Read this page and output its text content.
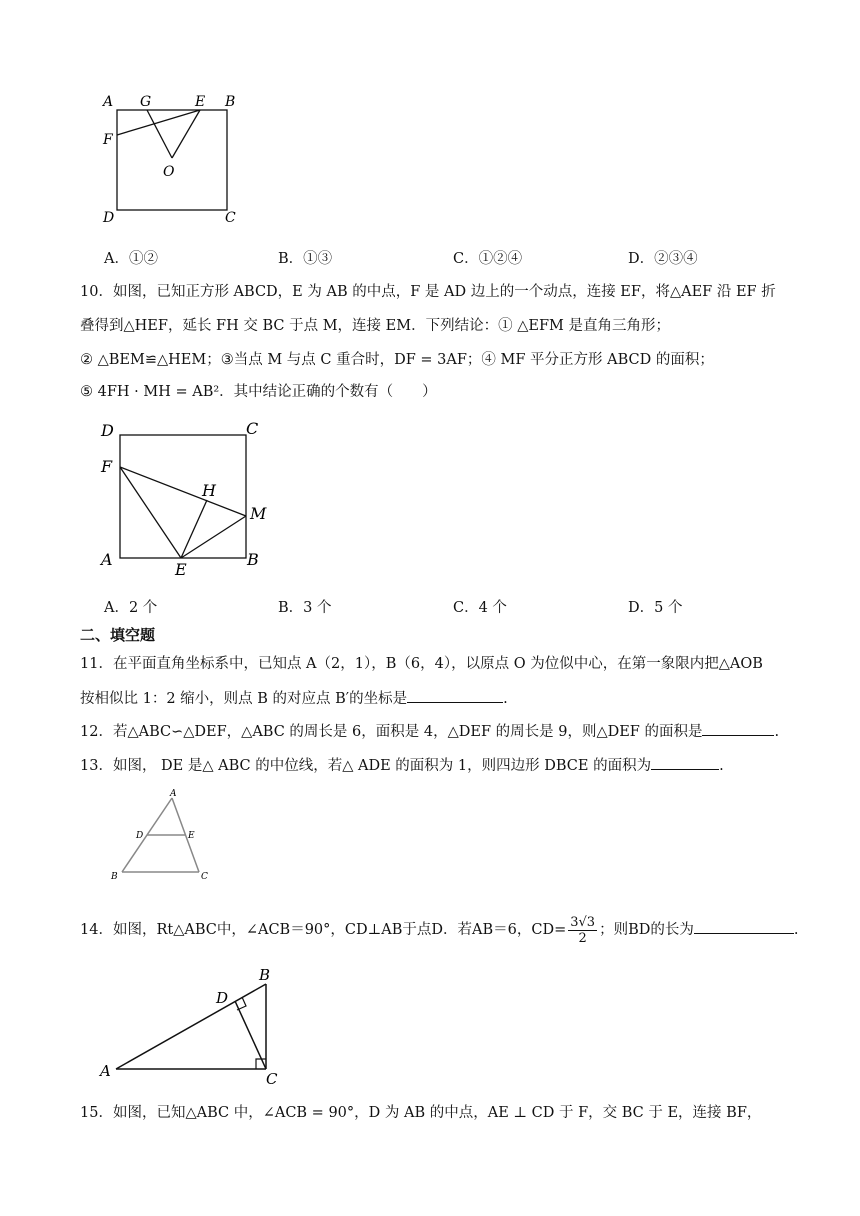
A G	E B
F
O
D	C
A．①②	B．①③	C．①②④	D．②③④
10．如图，已知正方形 ABCD，E 为 AB 的中点，F 是 AD 边上的一个动点，连接 EF，将△AEF 沿 EF 折
叠得到△HEF，延长 FH 交 BC 于点 M，连接 EM．下列结论：① △EFM 是直角三角形；
② △BEM≌△HEM；③当点 M 与点 C 重合时，DF = 3AF；④ MF 平分正方形 ABCD 的面积；
⑤ 4FH · MH = AB²．其中结论正确的个数有（　　）
D	C
F
H
M
A
E
B
A．2 个	B．3 个	C．4 个	D．5 个
二、填空题
11．在平面直角坐标系中，已知点 A（2，1），B（6，4），以原点 O 为位似中心，在第一象限内把△AOB
按相似比 1：2 缩小，则点 B 的对应点 B′的坐标是	.
12．若△ABC∽△DEF，△ABC 的周长是 6，面积是 4，△DEF 的周长是 9，则△DEF 的面积是	.
13．如图， DE 是△ ABC 的中位线，若△ ADE 的面积为 1，则四边形 DBCE 的面积为	.
A
D	E
B	C
14．如图，Rt△ABC中，∠ACB＝90°，CD⊥AB于点D．若AB＝6，$CD= \frac{3√3}{2}$ ；则BD的长为	.
B
D
A	C
15．如图，已知△ABC 中，∠ACB = 90°，D 为 AB 的中点，AE ⊥ CD 于 F，交 BC 于 E，连接 BF，
